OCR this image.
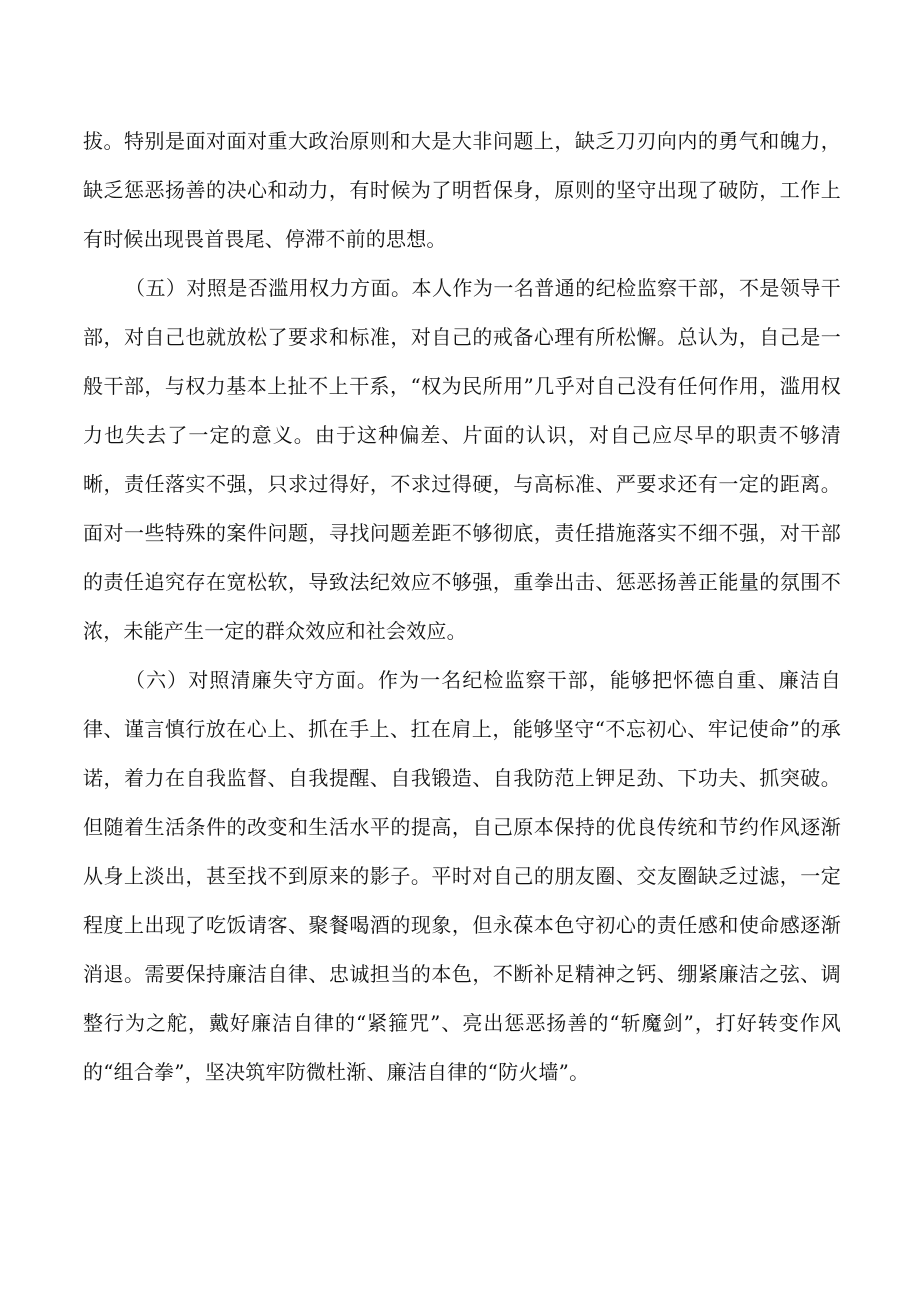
拔。特别是面对面对重大政治原则和大是大非问题上，缺乏刀刃向内的勇气和魄力，缺乏惩恶扬善的决心和动力，有时候为了明哲保身，原则的坚守出现了破防，工作上有时候出现畏首畏尾、停滞不前的思想。

（五）对照是否滥用权力方面。本人作为一名普通的纪检监察干部，不是领导干部，对自己也就放松了要求和标准，对自己的戒备心理有所松懈。总认为，自己是一般干部，与权力基本上扯不上干系，“权为民所用”几乎对自己没有任何作用，滥用权力也失去了一定的意义。由于这种偏差、片面的认识，对自己应尽早的职责不够清晰，责任落实不强，只求过得好，不求过得硬，与高标准、严要求还有一定的距离。面对一些特殊的案件问题，寻找问题差距不够彻底，责任措施落实不细不强，对干部的责任追究存在宽松软，导致法纪效应不够强，重拳出击、惩恶扬善正能量的氛围不浓，未能产生一定的群众效应和社会效应。

（六）对照清廉失守方面。作为一名纪检监察干部，能够把怀德自重、廉洁自律、谨言慎行放在心上、抓在手上、扛在肩上，能够坚守“不忘初心、牢记使命”的承诺，着力在自我监督、自我提醒、自我锻造、自我防范上钾足劲、下功夫、抓突破。但随着生活条件的改变和生活水平的提高，自己原本保持的优良传统和节约作风逐渐从身上淡出，甚至找不到原来的影子。平时对自己的朋友圈、交友圈缺乏过滤，一定程度上出现了吃饭请客、聚餐喝酒的现象，但永葆本色守初心的责任感和使命感逐渐消退。需要保持廉洁自律、忠诚担当的本色，不断补足精神之钙、绷紧廉洁之弦、调整行为之舵，戴好廉洁自律的“紧箍咒”、亮出惩恶扬善的“斩魔剑”，打好转变作风的“组合拳”，坚决筑牢防微杜渐、廉洁自律的“防火墙”。
